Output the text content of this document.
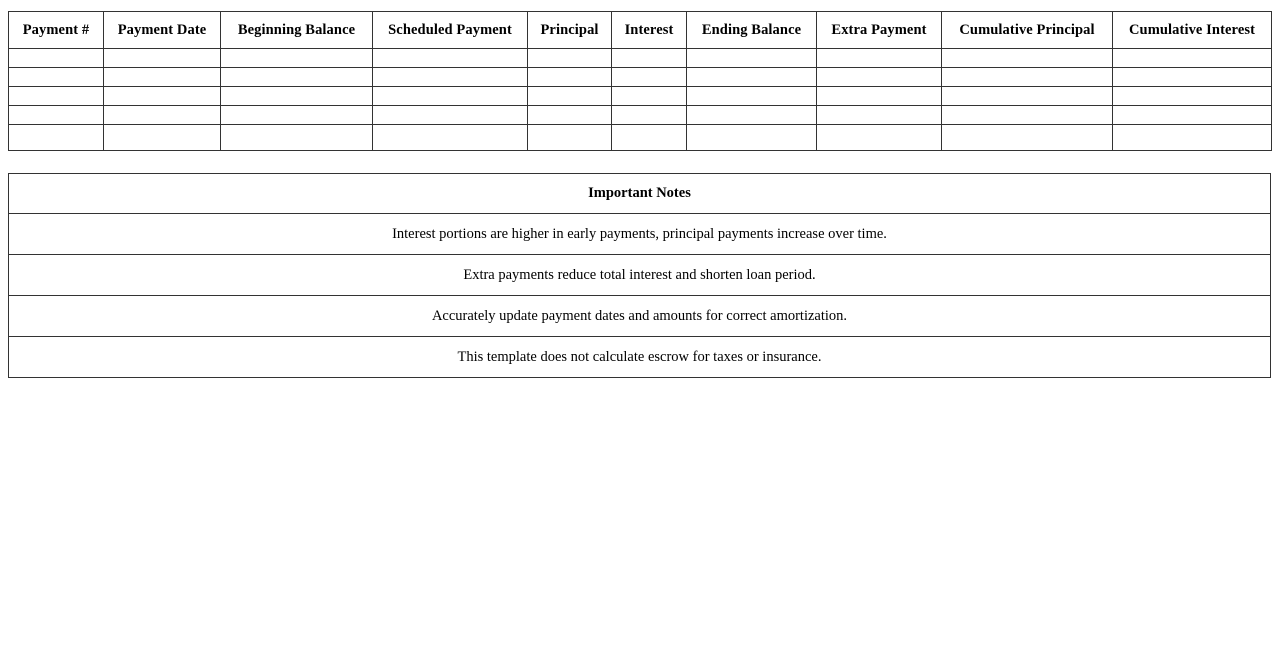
Payment #	Payment Date	Beginning Balance	Scheduled Payment	Principal	Interest	Ending Balance	Extra Payment	Cumulative Principal	Cumulative Interest

Important Notes
Interest portions are higher in early payments, principal payments increase over time.
Extra payments reduce total interest and shorten loan period.
Accurately update payment dates and amounts for correct amortization.
This template does not calculate escrow for taxes or insurance.
